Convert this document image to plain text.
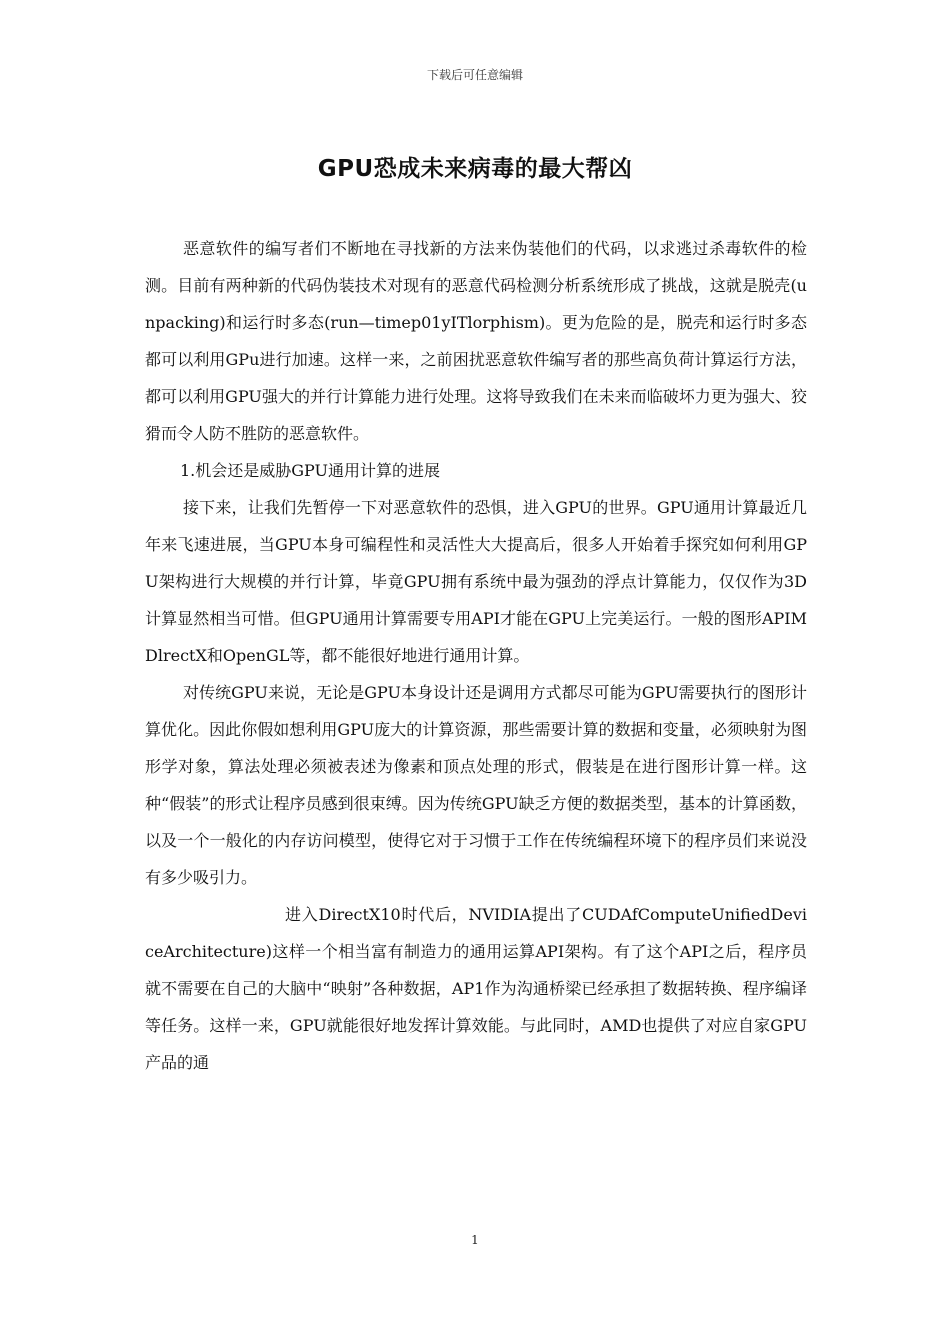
下载后可任意编辑
GPU恐成未来病毒的最大帮凶

恶意软件的编写者们不断地在寻找新的方法来伪装他们的代码，以求逃过杀毒软件的检测。目前有两种新的代码伪装技术对现有的恶意代码检测分析系统形成了挑战，这就是脱壳(unpacking)和运行时多态(run—timep01yITlorphism)。更为危险的是，脱壳和运行时多态都可以利用GPu进行加速。这样一来，之前困扰恶意软件编写者的那些高负荷计算运行方法，都可以利用GPU强大的并行计算能力进行处理。这将导致我们在未来而临破坏力更为强大、狡猾而令人防不胜防的恶意软件。

1.机会还是威胁GPU通用计算的进展

接下来，让我们先暂停一下对恶意软件的恐惧，进入GPU的世界。GPU通用计算最近几年来飞速进展，当GPU本身可编程性和灵活性大大提高后，很多人开始着手探究如何利用GPU架构进行大规模的并行计算，毕竟GPU拥有系统中最为强劲的浮点计算能力，仅仅作为3D计算显然相当可惜。但GPU通用计算需要专用API才能在GPU上完美运行。一般的图形APIMDlrectX和OpenGL等，都不能很好地进行通用计算。

对传统GPU来说，无论是GPU本身设计还是调用方式都尽可能为GPU需要执行的图形计算优化。因此你假如想利用GPU庞大的计算资源，那些需要计算的数据和变量，必须映射为图形学对象，算法处理必须被表述为像素和顶点处理的形式，假装是在进行图形计算一样。这种“假装”的形式让程序员感到很束缚。因为传统GPU缺乏方便的数据类型，基本的计算函数，以及一个一般化的内存访问模型，使得它对于习惯于工作在传统编程环境下的程序员们来说没有多少吸引力。

进入DirectX10时代后，NVIDIA提出了CUDAfComputeUnifiedDeviceArchitecture)这样一个相当富有制造力的通用运算API架构。有了这个API之后，程序员就不需要在自己的大脑中“映射”各种数据，AP1作为沟通桥梁已经承担了数据转换、程序编译等任务。这样一来，GPU就能很好地发挥计算效能。与此同时，AMD也提供了对应自家GPU产品的通

1
